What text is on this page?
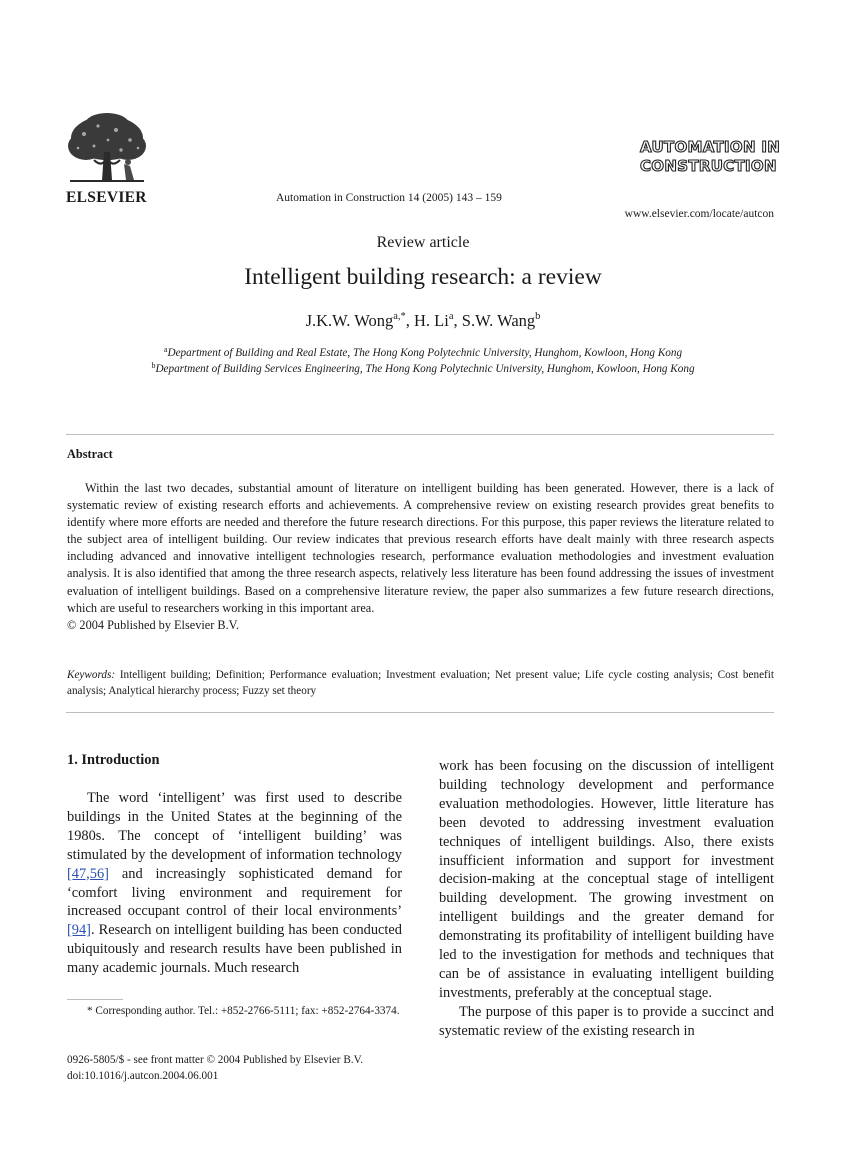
ELSEVIER	Automation in Construction 14 (2005) 143 – 159
AUTOMATION IN
CONSTRUCTION
www.elsevier.com/locate/autcon
Review article
Intelligent building research: a review
J.K.W. Wong$^{a,*}$, H. Li$^a$, S.W. Wang$^b$
$^a$Department of Building and Real Estate, The Hong Kong Polytechnic University, Hunghom, Kowloon, Hong Kong
$^b$Department of Building Services Engineering, The Hong Kong Polytechnic University, Hunghom, Kowloon, Hong Kong
Abstract

Within the last two decades, substantial amount of literature on intelligent building has been generated. However, there is a lack of systematic review of existing research efforts and achievements. A comprehensive review on existing research provides great benefits to identify where more efforts are needed and therefore the future research directions. For this purpose, this paper reviews the literature related to the subject area of intelligent building. Our review indicates that previous research efforts have dealt mainly with three research aspects including advanced and innovative intelligent technologies research, performance evaluation methodologies and investment evaluation analysis. It is also identified that among the three research aspects, relatively less literature has been found addressing the issues of investment evaluation of intelligent buildings. Based on a comprehensive literature review, the paper also summarizes a few future research directions, which are useful to researchers working in this important area.

© 2004 Published by Elsevier B.V.

Keywords: Intelligent building; Definition; Performance evaluation; Investment evaluation; Net present value; Life cycle costing analysis; Cost benefit analysis; Analytical hierarchy process; Fuzzy set theory
1. Introduction

The word ‘intelligent’ was first used to describe buildings in the United States at the beginning of the 1980s. The concept of ‘intelligent building’ was stimulated by the development of information technology [47,56] and increasingly sophisticated demand for ‘comfort living environment and requirement for increased occupant control of their local environments’ [94]. Research on intelligent building has been conducted ubiquitously and research results have been published in many academic journals. Much research

* Corresponding author. Tel.: +852-2766-5111; fax: +852-2764-3374.
0926-5805/$ - see front matter © 2004 Published by Elsevier B.V.
doi:10.1016/j.autcon.2004.06.001

work has been focusing on the discussion of intelligent building technology development and performance evaluation methodologies. However, little literature has been devoted to addressing investment evaluation techniques of intelligent buildings. Also, there exists insufficient information and support for investment decision-making at the conceptual stage of intelligent building development. The growing investment on intelligent buildings and the greater demand for demonstrating its profitability of intelligent building have led to the investigation for methods and techniques that can be of assistance in evaluating intelligent building investments, preferably at the conceptual stage.

The purpose of this paper is to provide a succinct and systematic review of the existing research in
